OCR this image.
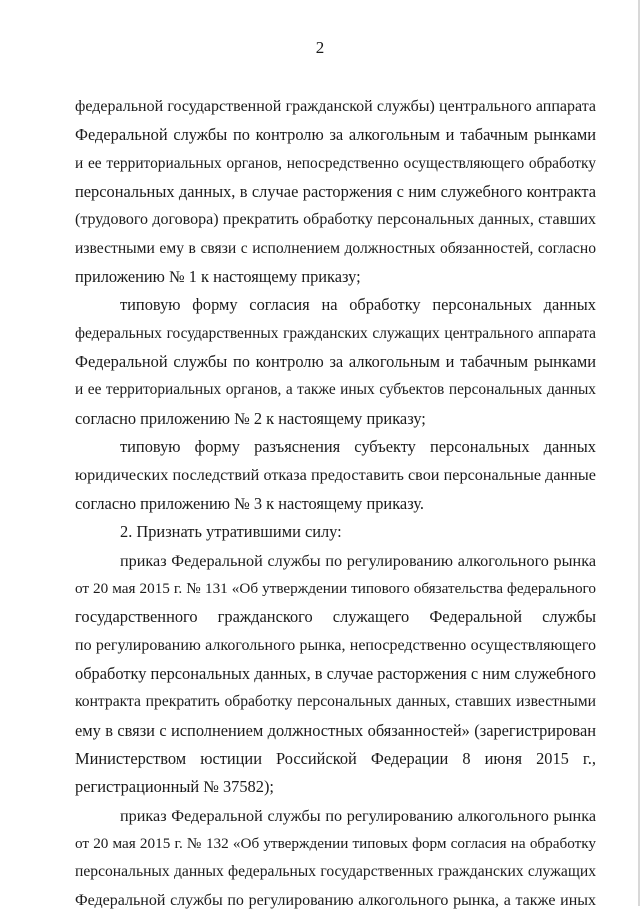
2
федеральной государственной гражданской службы) центрального аппарата
Федеральной службы по контролю за алкогольным и табачным рынками
и ее территориальных органов, непосредственно осуществляющего обработку
персональных данных, в случае расторжения с ним служебного контракта
(трудового договора) прекратить обработку персональных данных, ставших
известными ему в связи с исполнением должностных обязанностей, согласно
приложению № 1 к настоящему приказу;
типовую форму согласия на обработку персональных данных
федеральных государственных гражданских служащих центрального аппарата
Федеральной службы по контролю за алкогольным и табачным рынками
и ее территориальных органов, а также иных субъектов персональных данных
согласно приложению № 2 к настоящему приказу;
типовую форму разъяснения субъекту персональных данных
юридических последствий отказа предоставить свои персональные данные
согласно приложению № 3 к настоящему приказу.
2. Признать утратившими силу:
приказ Федеральной службы по регулированию алкогольного рынка
от 20 мая 2015 г. № 131 «Об утверждении типового обязательства федерального
государственного гражданского служащего Федеральной службы
по регулированию алкогольного рынка, непосредственно осуществляющего
обработку персональных данных, в случае расторжения с ним служебного
контракта прекратить обработку персональных данных, ставших известными
ему в связи с исполнением должностных обязанностей» (зарегистрирован
Министерством юстиции Российской Федерации 8 июня 2015 г.,
регистрационный № 37582);
приказ Федеральной службы по регулированию алкогольного рынка
от 20 мая 2015 г. № 132 «Об утверждении типовых форм согласия на обработку
персональных данных федеральных государственных гражданских служащих
Федеральной службы по регулированию алкогольного рынка, а также иных
